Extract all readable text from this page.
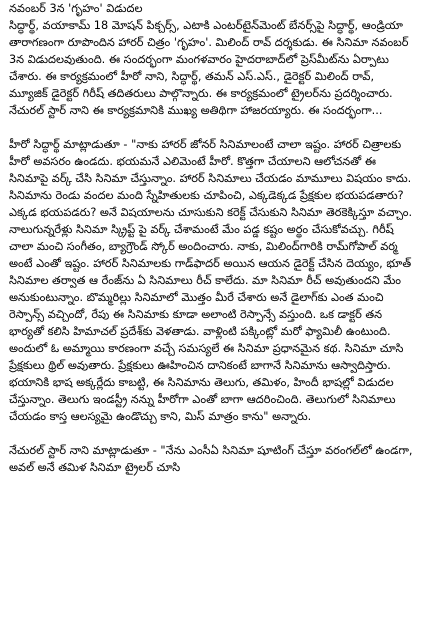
నవంబర్ 3న 'గృహం' విడుదల
సిద్ధార్థ్, వయాకామ్ 18 మోషన్ పిక్చర్స్, ఎటాకి ఎంటర్‌టైన్‌మెంట్ బేనర్స్‌పై సిద్ధార్థ్, ఆండ్రియా తారాగణంగా రూపొందిన హారర్ చిత్రం 'గృహం'. మిలింద్ రావ్ దర్శకుడు. ఈ సినిమా నవంబర్ 3న విడుదలవుతుంది. ఈ సందర్భంగా మంగళవారం హైదరాబాద్‌లో ప్రెస్‌మీట్‌ను ఏర్పాటు చేశారు. ఈ కార్యక్రమంలో హీరో నాని, సిద్ధార్థ్, తమన్ ఎస్.ఎస్., డైరెక్టర్ మిలింద్ రావ్, మ్యూజిక్ డైరెక్టర్ గిరీష్ తదితరులు పాల్గొన్నారు. ఈ కార్యక్రమంలో ట్రైలర్‌ను ప్రదర్శించారు. నేచురల్ స్టార్ నాని ఈ కార్యక్రమానికి ముఖ్య అతిథిగా హాజరయ్యారు. ఈ సందర్భంగా...

హీరో సిద్ధార్థ్ మాట్లాడుతూ - "నాకు హారర్ జోనర్ సినిమాలంటే చాలా ఇష్టం. హారర్ చిత్రాలకు హీరో అవసరం ఉండదు. భయమనే ఎలిమెంటే హీరో. కొత్తగా చేయాలని ఆలోచనతో ఈ సినిమాపై వర్క్ చేసి సినిమా చేస్తున్నాం. హారర్ సినిమాలు చేయడం మామూలు విషయం కాదు. సినిమాను రెండు వందల మంది స్నేహితులకు చూపించి, ఎక్కడెక్కడ ప్రేక్షకుల భయపడతారు? ఎక్కడ భయపడరు? అనే విషయాలను చూసుకుని కరెక్ట్ చేసుకుని సినిమా తెరకెక్కిస్తూ వచ్చాం. నాలుగున్నరేళ్లు సినిమా స్క్రిప్ట్ పై వర్క్ చేశామంటే మేం పడ్డ కష్టం అర్థం చేసుకోవచ్చు. గిరీష్ చాలా మంచి సంగీతం, బ్యాగ్రౌండ్ స్కోర్ అందించారు. నాకు, మిలింద్‌గారికి రామ్‌గోపాల్ వర్మ అంటే ఎంతో ఇష్టం. హారర్ సినిమాలకు గాడ్‌ఫాదర్ అయిన ఆయన డైరెక్ట్ చేసిన దెయ్యం, భూత్ సినిమాల తర్వాత ఆ రేంజ్‌ను ఏ సినిమాలు రీచ్ కాలేదు. మా సినిమా రీచ్ అవుతుందని మేం అనుకుంటున్నాం. బొమ్మరిల్లు సినిమాలో మొత్తం మీరే చేశారు అనే డైలాగ్‌కు ఎంత మంచి రెస్పాన్స్ వచ్చిందో, రేపు ఈ సినిమాకు కూడా అలాంటి రెస్పాన్సే వస్తుంది. ఒక డాక్టర్ తన భార్యతో కలిసి హిమాచల్ ప్రదేశ్‌కు వెళతాడు. వాళ్లింటి పక్కింట్లో మరో ఫ్యామిలీ ఉంటుంది. అందులో ఓ అమ్మాయి కారణంగా వచ్చే సమస్యలే ఈ సినిమా ప్రధానమైన కథ. సినిమా చూసి ప్రేక్షకులు థ్రిల్ అవుతారు. ప్రేక్షకులు ఊహించిన దానికంటే బాగానే సినిమాను ఆస్వాదిస్తారు. భయానికి భాష అక్కర్లేదు కాబట్టి, ఈ సినిమాను తెలుగు, తమిళం, హిందీ భాషల్లో విడుదల చేస్తున్నాం. తెలుగు ఇండస్ట్రీ నన్ను హీరోగా ఎంతో బాగా ఆదరించింది. తెలుగులో సినిమాలు చేయడం కాస్త ఆలస్యమై ఉండొచ్చు కాని, మిస్ మాత్రం కాను" అన్నారు.

నేచురల్ స్టార్ నాని మాట్లాడుతూ - "నేను ఎంసీఏ సినిమా షూటింగ్ చేస్తూ వరంగల్‌లో ఉండగా, అవల్ అనే తమిళ సినిమా ట్రైలర్ చూసి
